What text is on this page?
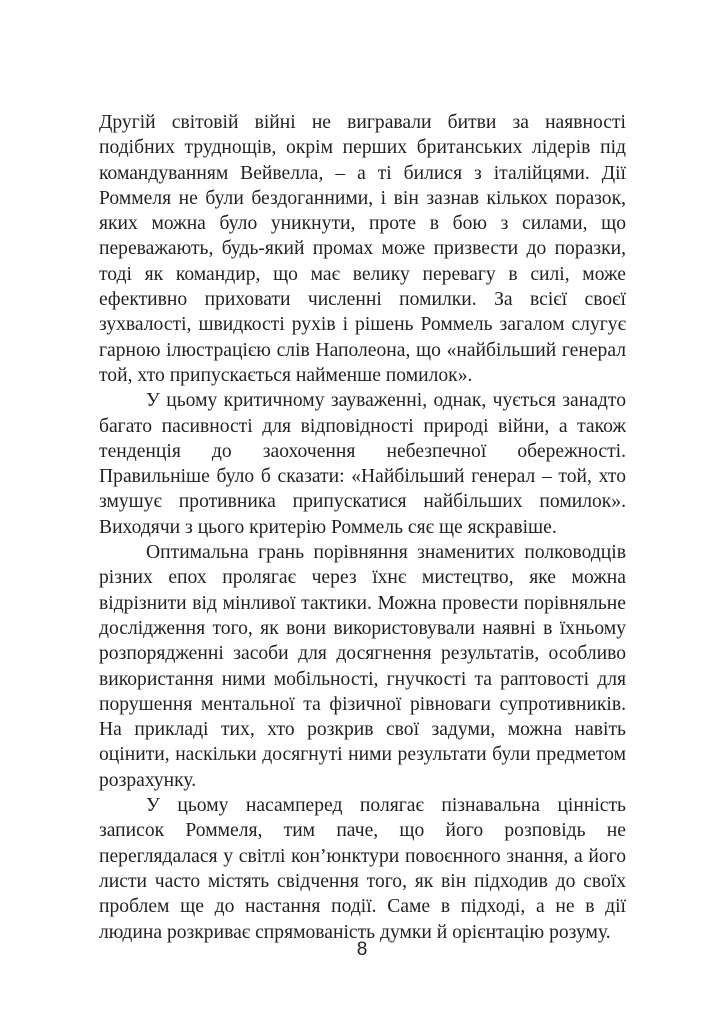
Другій світовій війні не вигравали битви за наявності подібних труднощів, окрім перших британських лідерів під командуванням Вейвелла, – а ті билися з італійцями. Дії Роммеля не були бездоганними, і він зазнав кількох поразок, яких можна було уникнути, проте в бою з силами, що переважають, будь-який промах може призвести до поразки, тоді як командир, що має велику перевагу в силі, може ефективно приховати численні помилки. За всієї своєї зухвалості, швидкості рухів і рішень Роммель загалом слугує гарною ілюстрацією слів Наполеона, що «найбільший генерал той, хто припускається найменше помилок».

У цьому критичному зауваженні, однак, чується занадто багато пасивності для відповідності природі війни, а також тенденція до заохочення небезпечної обережності. Правильніше було б сказати: «Найбільший генерал – той, хто змушує противника припускатися найбільших помилок». Виходячи з цього критерію Роммель сяє ще яскравіше.

Оптимальна грань порівняння знаменитих полководців різних епох пролягає через їхнє мистецтво, яке можна відрізнити від мінливої тактики. Можна провести порівняльне дослідження того, як вони використовували наявні в їхньому розпорядженні засоби для досягнення результатів, особливо використання ними мобільності, гнучкості та раптовості для порушення ментальної та фізичної рівноваги супротивників. На прикладі тих, хто розкрив свої задуми, можна навіть оцінити, наскільки досягнуті ними результати були предметом розрахунку.

У цьому насамперед полягає пізнавальна цінність записок Роммеля, тим паче, що його розповідь не переглядалася у світлі кон’юнктури повоєнного знання, а його листи часто містять свідчення того, як він підходив до своїх проблем ще до настання події. Саме в підході, а не в дії людина розкриває спрямованість думки й орієнтацію розуму.

8
